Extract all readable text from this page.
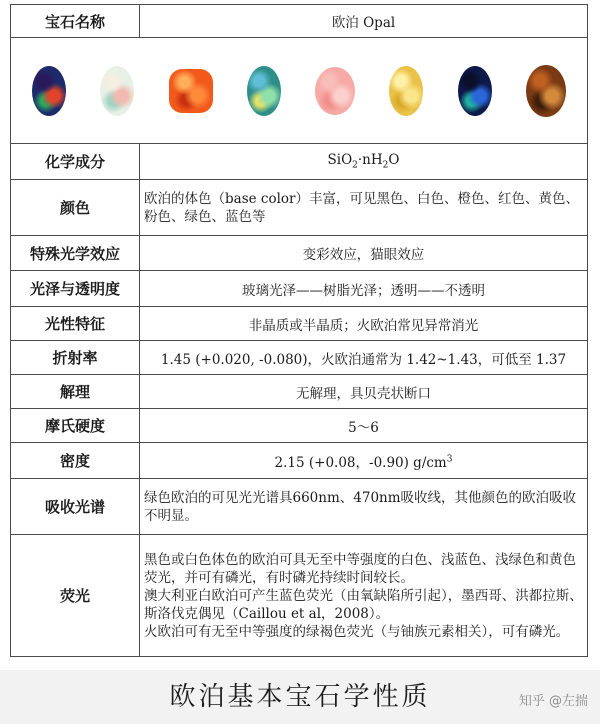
宝石名称	欧泊 Opal

化学成分	$SiO_2\cdot nH_2O$
颜色	欧泊的体色（base color）丰富，可见黑色、白色、橙色、红色、黄色、粉色、绿色、蓝色等
特殊光学效应	变彩效应，猫眼效应
光泽与透明度	玻璃光泽——树脂光泽；透明——不透明
光性特征	非晶质或半晶质；火欧泊常见异常消光
折射率	1.45 (+0.020, -0.080)，火欧泊通常为 1.42~1.43，可低至 1.37
解理	无解理，具贝壳状断口
摩氏硬度	5～6
密度	2.15 (+0.08，-0.90) $g/cm^3$
吸收光谱	绿色欧泊的可见光光谱具660nm、470nm吸收线，其他颜色的欧泊吸收不明显。
荧光	黑色或白色体色的欧泊可具无至中等强度的白色、浅蓝色、浅绿色和黄色荧光，并可有磷光，有时磷光持续时间较长。
澳大利亚白欧泊可产生蓝色荧光（由氧缺陷所引起），墨西哥、洪都拉斯、斯洛伐克偶见（Caillou et al，2008）。
火欧泊可有无至中等强度的绿褐色荧光（与铀族元素相关），可有磷光。
欧泊基本宝石学性质	知乎 @左揣
